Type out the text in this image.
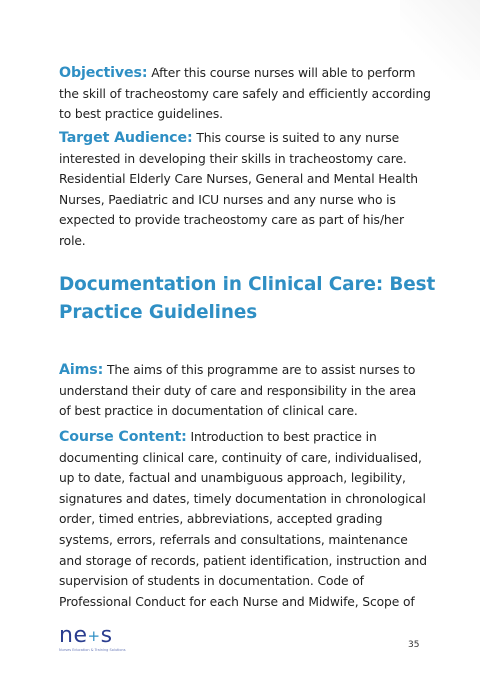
Objectives: After this course nurses will able to perform the skill of tracheostomy care safely and efficiently according to best practice guidelines.

Target Audience: This course is suited to any nurse interested in developing their skills in tracheostomy care. Residential Elderly Care Nurses, General and Mental Health Nurses, Paediatric and ICU nurses and any nurse who is expected to provide tracheostomy care as part of his/her role.

Documentation in Clinical Care: Best Practice Guidelines

Aims: The aims of this programme are to assist nurses to understand their duty of care and responsibility in the area of best practice in documentation of clinical care.

Course Content: Introduction to best practice in documenting clinical care, continuity of care, individualised, up to date, factual and unambiguous approach, legibility, signatures and dates, timely documentation in chronological order, timed entries, abbreviations, accepted grading systems, errors, referrals and consultations, maintenance and storage of records, patient identification, instruction and supervision of students in documentation. Code of Professional Conduct for each Nurse and Midwife, Scope of

ne+s
Nurses Education & Training Solutions	35
